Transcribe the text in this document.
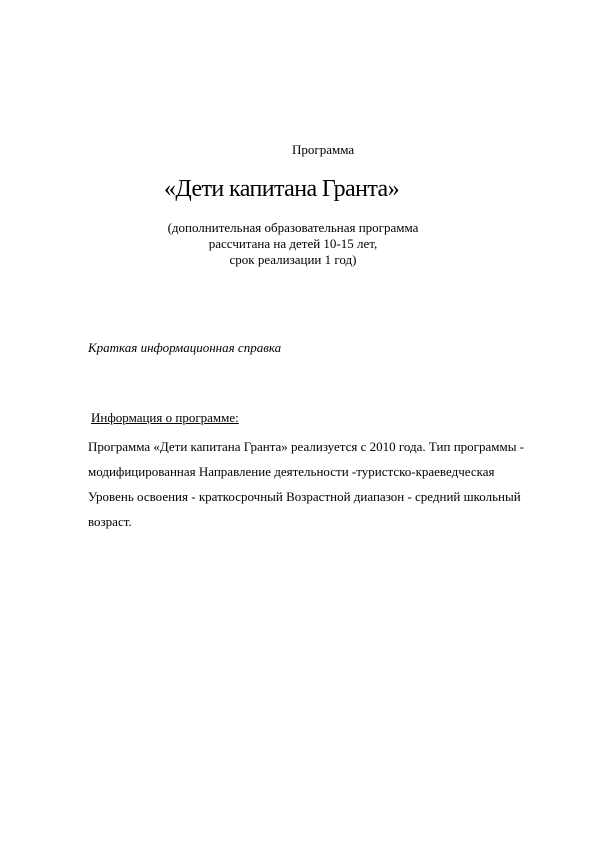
Программа
«Дети капитана Гранта»
(дополнительная образовательная программа
рассчитана на детей 10-15 лет,
срок реализации 1 год)
Краткая информационная справка
Информация о программе:
Программа «Дети капитана Гранта» реализуется с 2010 года. Тип программы -
модифицированная Направление деятельности -туристско-краеведческая
Уровень освоения - краткосрочный Возрастной диапазон - средний школьный
возраст.
